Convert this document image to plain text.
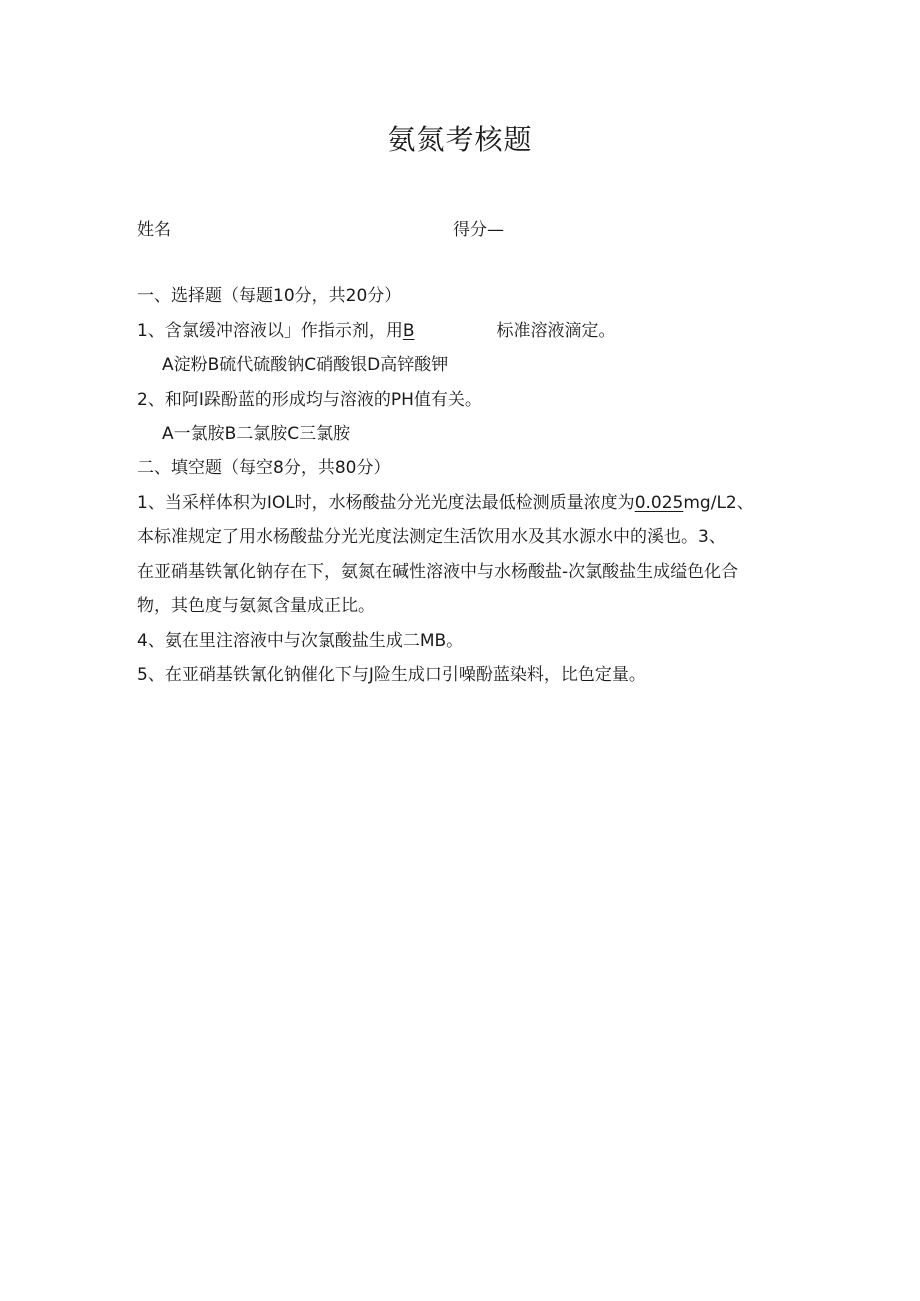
氨氮考核题
姓名	得分—
一、选择题（每题10分，共20分）
1、含氯缓冲溶液以」作指示剂，用B	标准溶液滴定。
A淀粉B硫代硫酸钠C硝酸银D高锌酸钾
2、和阿I跺酚蓝的形成均与溶液的PH值有关。
A一氯胺B二氯胺C三氯胺
二、填空题（每空8分，共80分）
1、当采样体积为IOL时，水杨酸盐分光光度法最低检测质量浓度为0.025mg/L2、
本标准规定了用水杨酸盐分光光度法测定生活饮用水及其水源水中的溪也。3、
在亚硝基铁氰化钠存在下，氨氮在碱性溶液中与水杨酸盐-次氯酸盐生成缢色化合
物，其色度与氨氮含量成正比。
4、氨在里注溶液中与次氯酸盐生成二MB。
5、在亚硝基铁氰化钠催化下与J险生成口引噪酚蓝染料，比色定量。
